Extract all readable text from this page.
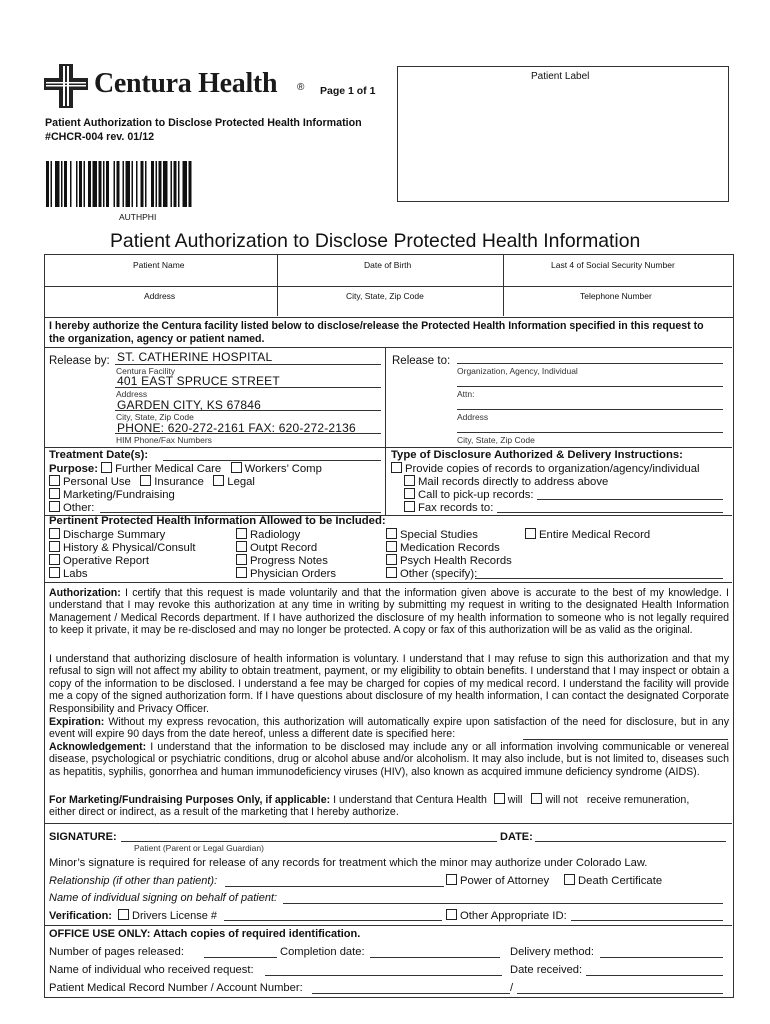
Centura Health ® Page 1 of 1
Patient Label
Patient Authorization to Disclose Protected Health Information
#CHCR-004 rev. 01/12
AUTHPHI
Patient Authorization to Disclose Protected Health Information
Patient Name	Date of Birth	Last 4 of Social Security Number
Address	City, State, Zip Code	Telephone Number
I hereby authorize the Centura facility listed below to disclose/release the Protected Health Information specified in this request to
the organization, agency or patient named.
Release by: ST. CATHERINE HOSPITAL
Centura Facility
401 EAST SPRUCE STREET
Address
GARDEN CITY, KS 67846
City, State, Zip Code
PHONE: 620-272-2161 FAX: 620-272-2136
HIM Phone/Fax Numbers
Release to:
Organization, Agency, Individual
Attn:
Address
City, State, Zip Code
Treatment Date(s):
Purpose: Further Medical Care Workers’ Comp
Personal Use Insurance Legal
Marketing/Fundraising
Other:
Type of Disclosure Authorized & Delivery Instructions:
Provide copies of records to organization/agency/individual
Mail records directly to address above
Call to pick-up records:
Fax records to:
Pertinent Protected Health Information Allowed to be Included:
Discharge Summary
History & Physical/Consult
Operative Report
Labs
Radiology
Outpt Record
Progress Notes
Physician Orders
Special Studies
Medication Records
Psych Health Records
Other (specify):
Entire Medical Record
Authorization: I certify that this request is made voluntarily and that the information given above is accurate to the best of my knowledge. I understand that I may revoke this authorization at any time in writing by submitting my request in writing to the designated Health Information Management / Medical Records department. If I have authorized the disclosure of my health information to someone who is not legally required to keep it private, it may be re-disclosed and may no longer be protected. A copy or fax of this authorization will be as valid as the original.
I understand that authorizing disclosure of health information is voluntary. I understand that I may refuse to sign this authorization and that my refusal to sign will not affect my ability to obtain treatment, payment, or my eligibility to obtain benefits. I understand that I may inspect or obtain a copy of the information to be disclosed. I understand a fee may be charged for copies of my medical record. I understand the facility will provide me a copy of the signed authorization form. If I have questions about disclosure of my health information, I can contact the designated Corporate Responsibility and Privacy Officer.
Expiration: Without my express revocation, this authorization will automatically expire upon satisfaction of the need for disclosure, but in any event will expire 90 days from the date hereof, unless a different date is specified here:
Acknowledgement: I understand that the information to be disclosed may include any or all information involving communicable or venereal disease, psychological or psychiatric conditions, drug or alcohol abuse and/or alcoholism. It may also include, but is not limited to, diseases such as hepatitis, syphilis, gonorrhea and human immunodeficiency viruses (HIV), also known as acquired immune deficiency syndrome (AIDS).
For Marketing/Fundraising Purposes Only, if applicable: I understand that Centura Health will will not receive remuneration,
either direct or indirect, as a result of the marketing that I hereby authorize.
SIGNATURE:	DATE:
Patient (Parent or Legal Guardian)
Minor’s signature is required for release of any records for treatment which the minor may authorize under Colorado Law.
Relationship (if other than patient):	Power of Attorney	Death Certificate
Name of individual signing on behalf of patient:
Verification: Drivers License #	Other Appropriate ID:
OFFICE USE ONLY: Attach copies of required identification.
Number of pages released:	Completion date:	Delivery method:
Name of individual who received request:	Date received:
Patient Medical Record Number / Account Number:	/
